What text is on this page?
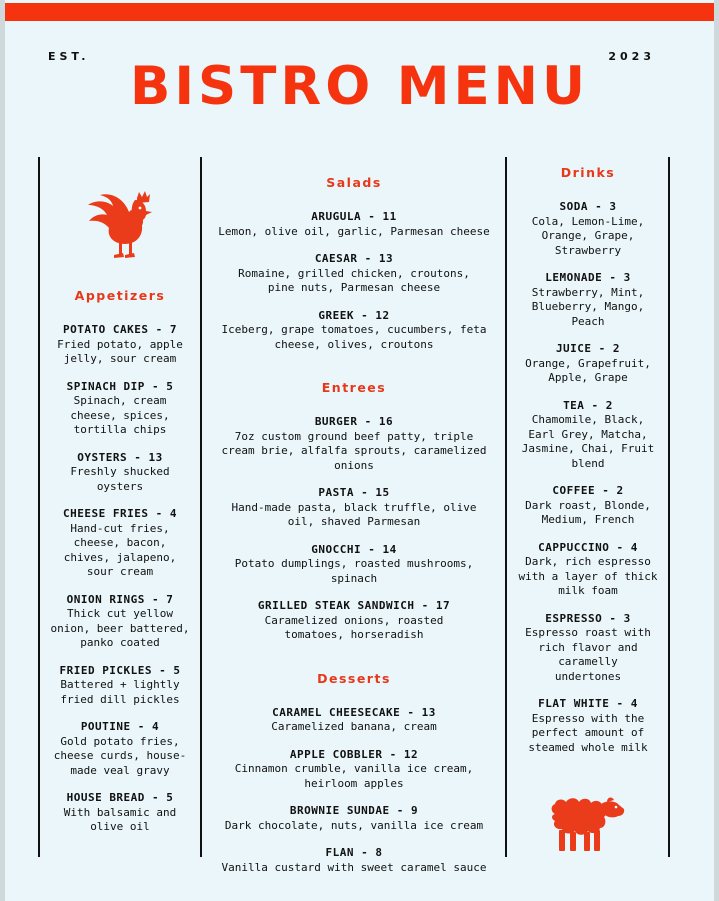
EST.	2023
BISTRO MENU
Appetizers
POTATO CAKES - 7
Fried potato, apple jelly, sour cream
SPINACH DIP - 5
Spinach, cream cheese, spices, tortilla chips
OYSTERS - 13
Freshly shucked oysters
CHEESE FRIES - 4
Hand-cut fries, cheese, bacon, chives, jalapeno, sour cream
ONION RINGS - 7
Thick cut yellow onion, beer battered, panko coated
FRIED PICKLES - 5
Battered + lightly fried dill pickles
POUTINE - 4
Gold potato fries, cheese curds, house-made veal gravy
HOUSE BREAD - 5
With balsamic and olive oil
Salads
ARUGULA - 11
Lemon, olive oil, garlic, Parmesan cheese
CAESAR - 13
Romaine, grilled chicken, croutons, pine nuts, Parmesan cheese
GREEK - 12
Iceberg, grape tomatoes, cucumbers, feta cheese, olives, croutons
Entrees
BURGER - 16
7oz custom ground beef patty, triple cream brie, alfalfa sprouts, caramelized onions
PASTA - 15
Hand-made pasta, black truffle, olive oil, shaved Parmesan
GNOCCHI - 14
Potato dumplings, roasted mushrooms, spinach
GRILLED STEAK SANDWICH - 17
Caramelized onions, roasted tomatoes, horseradish
Desserts
CARAMEL CHEESECAKE - 13
Caramelized banana, cream
APPLE COBBLER - 12
Cinnamon crumble, vanilla ice cream, heirloom apples
BROWNIE SUNDAE - 9
Dark chocolate, nuts, vanilla ice cream
FLAN - 8
Vanilla custard with sweet caramel sauce
Drinks
SODA - 3
Cola, Lemon-Lime, Orange, Grape, Strawberry
LEMONADE - 3
Strawberry, Mint, Blueberry, Mango, Peach
JUICE - 2
Orange, Grapefruit, Apple, Grape
TEA - 2
Chamomile, Black, Earl Grey, Matcha, Jasmine, Chai, Fruit blend
COFFEE - 2
Dark roast, Blonde, Medium, French
CAPPUCCINO - 4
Dark, rich espresso with a layer of thick milk foam
ESPRESSO - 3
Espresso roast with rich flavor and caramelly undertones
FLAT WHITE - 4
Espresso with the perfect amount of steamed whole milk
